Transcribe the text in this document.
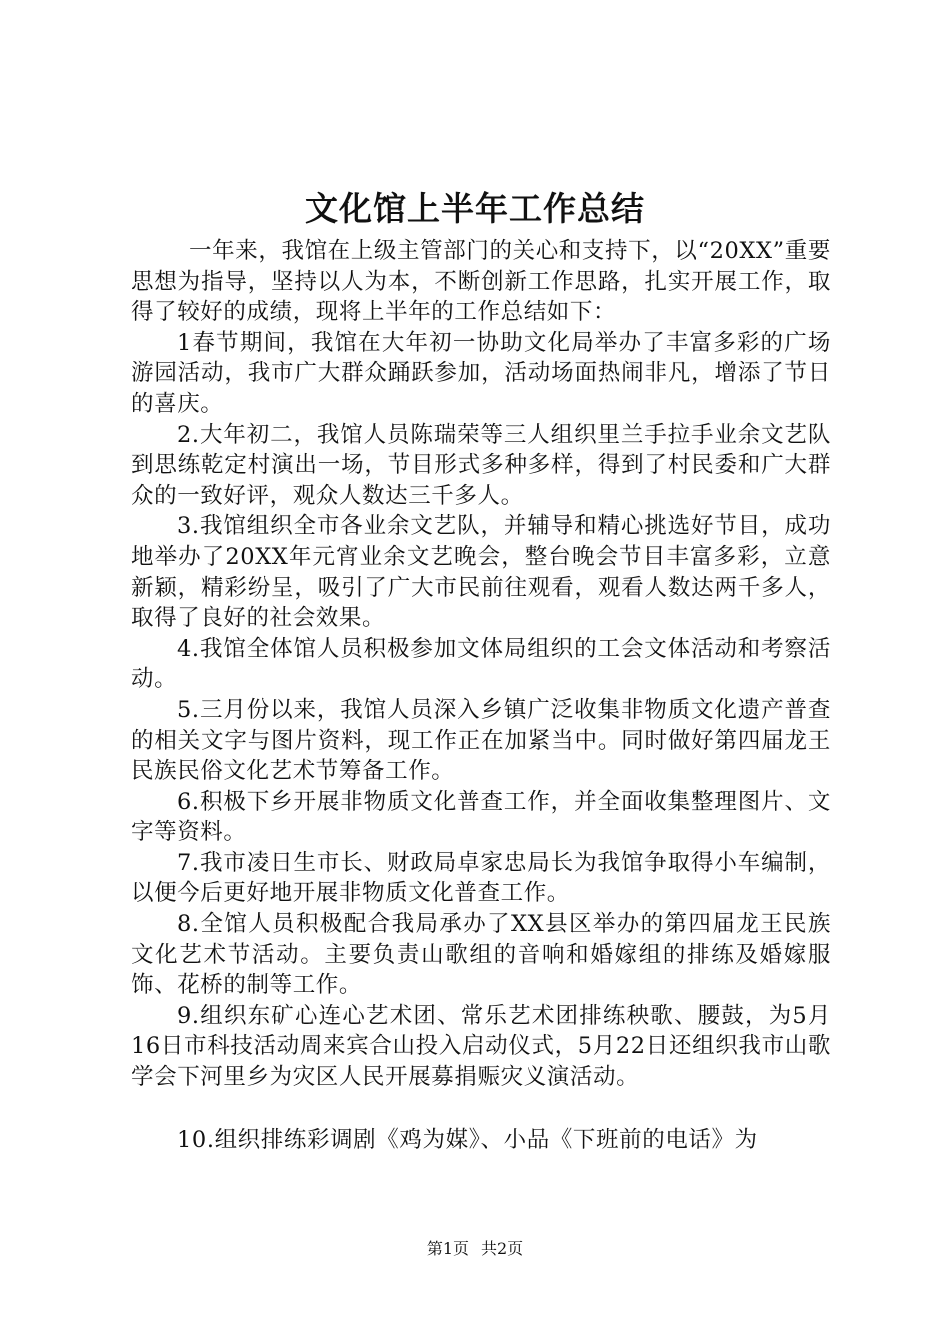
文化馆上半年工作总结

一年来，我馆在上级主管部门的关心和支持下，以“20XX”重要思想为指导，坚持以人为本，不断创新工作思路，扎实开展工作，取得了较好的成绩，现将上半年的工作总结如下：

1春节期间，我馆在大年初一协助文化局举办了丰富多彩的广场游园活动，我市广大群众踊跃参加，活动场面热闹非凡，增添了节日的喜庆。

2.大年初二，我馆人员陈瑞荣等三人组织里兰手拉手业余文艺队到思练乾定村演出一场，节目形式多种多样，得到了村民委和广大群众的一致好评，观众人数达三千多人。

3.我馆组织全市各业余文艺队，并辅导和精心挑选好节目，成功地举办了20XX年元宵业余文艺晚会，整台晚会节目丰富多彩，立意新颖，精彩纷呈，吸引了广大市民前往观看，观看人数达两千多人，取得了良好的社会效果。

4.我馆全体馆人员积极参加文体局组织的工会文体活动和考察活动。

5.三月份以来，我馆人员深入乡镇广泛收集非物质文化遗产普查的相关文字与图片资料，现工作正在加紧当中。同时做好第四届龙王民族民俗文化艺术节筹备工作。

6.积极下乡开展非物质文化普查工作，并全面收集整理图片、文字等资料。

7.我市凌日生市长、财政局卓家忠局长为我馆争取得小车编制，以便今后更好地开展非物质文化普查工作。

8.全馆人员积极配合我局承办了XX县区举办的第四届龙王民族文化艺术节活动。主要负责山歌组的音响和婚嫁组的排练及婚嫁服饰、花桥的制等工作。

9.组织东矿心连心艺术团、常乐艺术团排练秧歌、腰鼓，为5月16日市科技活动周来宾合山投入启动仪式，5月22日还组织我市山歌学会下河里乡为灾区人民开展募捐赈灾义演活动。

10.组织排练彩调剧《鸡为媒》、小品《下班前的电话》为

第1页 共2页
